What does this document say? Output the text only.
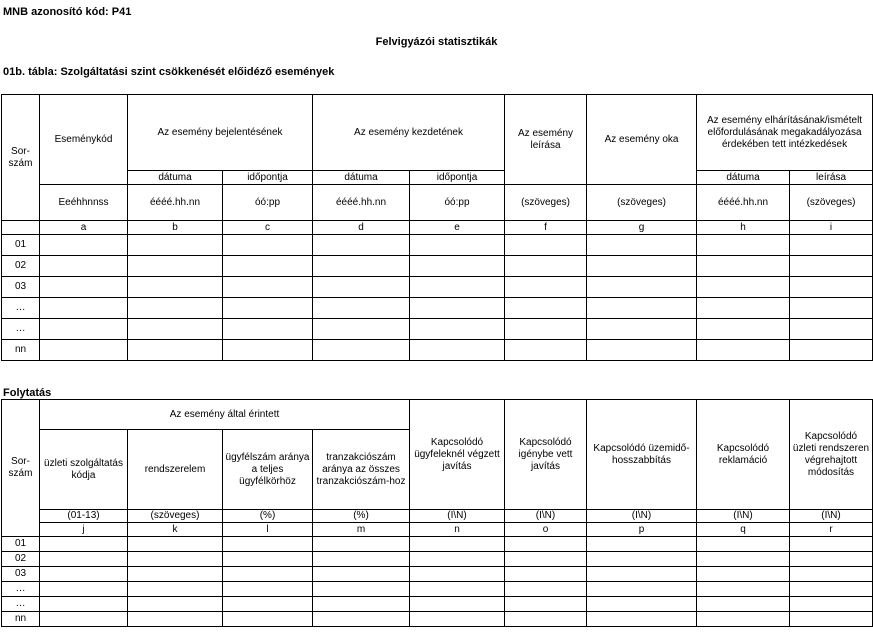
MNB azonosító kód: P41
Felvigyázói statisztikák
01b. tábla: Szolgáltatási szint csökkenését előidéző események
Sor-
szám	Eseménykód	Az esemény bejelentésének		Az esemény kezdetének		Az esemény leírása	Az esemény oka	Az esemény elhárításának/ismételt előfordulásának megakadályozása érdekében tett intézkedések	
		dátuma	időpontja	dátuma	időpontja			dátuma	leírása
	Eeéhhnnss	éééé.hh.nn	óó:pp	éééé.hh.nn	óó:pp	(szöveges)	(szöveges)	éééé.hh.nn	(szöveges)
	a	b	c	d	e	f	g	h	i
01									
02									
03									
…									
…									
nn									
Folytatás
Sor-
szám	Az esemény által érintett				Kapcsolódó ügyfeleknél végzett javítás	Kapcsolódó igénybe vett javítás	Kapcsolódó üzemidő-hosszabbítás	Kapcsolódó reklamáció	Kapcsolódó üzleti rendszeren végrehajtott módosítás
	üzleti szolgáltatás kódja	rendszerelem	ügyfélszám aránya a teljes ügyfélkörhöz	tranzakciószám aránya az összes tranzakciószám-hoz					
	(01-13)	(szöveges)	(%)	(%)	(I\N)	(I\N)	(I\N)	(I\N)	(I\N)
	j	k	l	m	n	o	p	q	r
01									
02									
03									
…									
…									
nn									
